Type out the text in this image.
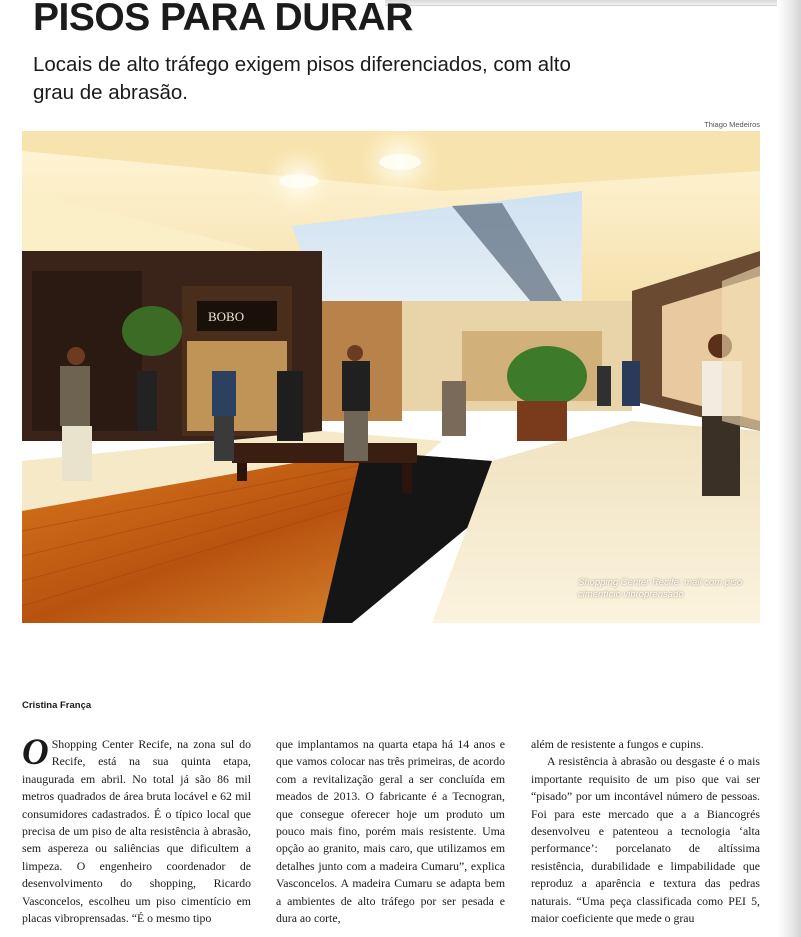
PISOS PARA DURAR

Locais de alto tráfego exigem pisos diferenciados, com alto grau de abrasão.

Thiago Medeiros
BOBO
Shopping Center Recife: mall com piso cimentício vibroprensado
Cristina França

O Shopping Center Recife, na zona sul do Recife, está na sua quinta etapa, inaugurada em abril. No total já são 86 mil metros quadrados de área bruta locável e 62 mil consumidores cadastrados. É o típico local que precisa de um piso de alta resistência à abrasão, sem aspereza ou saliências que dificultem a limpeza. O engenheiro coordenador de desenvolvimento do shopping, Ricardo Vasconcelos, escolheu um piso cimentício em placas vibroprensadas. “É o mesmo tipo

que implantamos na quarta etapa há 14 anos e que vamos colocar nas três primeiras, de acordo com a revitalização geral a ser concluída em meados de 2013. O fabricante é a Tecnogran, que consegue oferecer hoje um produto um pouco mais fino, porém mais resistente. Uma opção ao granito, mais caro, que utilizamos em detalhes junto com a madeira Cumaru”, explica Vasconcelos. A madeira Cumaru se adapta bem a ambientes de alto tráfego por ser pesada e dura ao corte,

além de resistente a fungos e cupins.

A resistência à abrasão ou desgaste é o mais importante requisito de um piso que vai ser “pisado” por um incontável número de pessoas. Foi para este mercado que a a Biancogrés desenvolveu e patenteou a tecnologia ‘alta performance’: porcelanato de altíssima resistência, durabilidade e limpabilidade que reproduz a aparência e textura das pedras naturais. “Uma peça classificada como PEI 5, maior coeficiente que mede o grau
